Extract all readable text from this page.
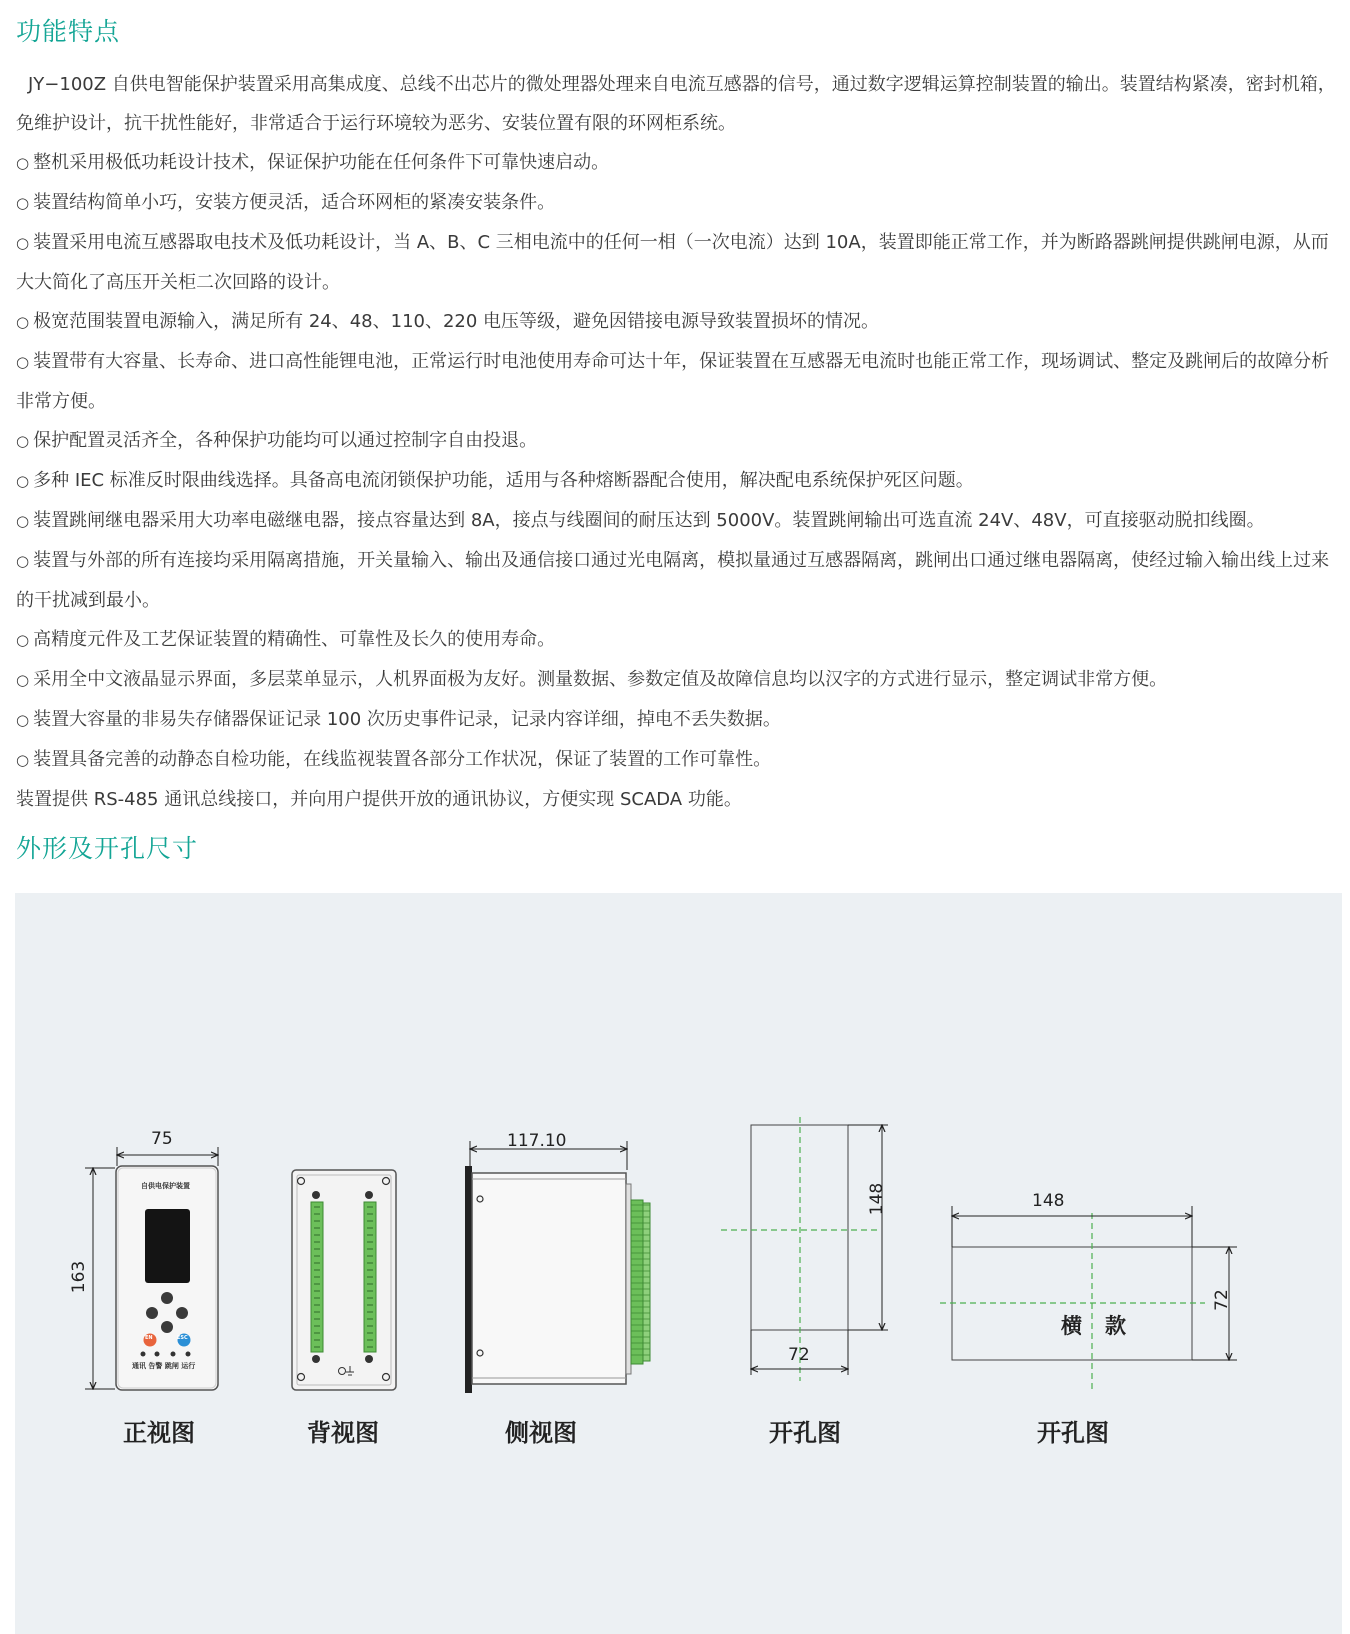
功能特点

JY−100Z 自供电智能保护装置采用高集成度、总线不出芯片的微处理器处理来自电流互感器的信号，通过数字逻辑运算控制装置的输出。装置结构紧凑，密封机箱，免维护设计，抗干扰性能好，非常适合于运行环境较为恶劣、安装位置有限的环网柜系统。

○ 整机采用极低功耗设计技术，保证保护功能在任何条件下可靠快速启动。

○ 装置结构简单小巧，安装方便灵活，适合环网柜的紧凑安装条件。

○ 装置采用电流互感器取电技术及低功耗设计，当 A、B、C 三相电流中的任何一相（一次电流）达到 10A，装置即能正常工作，并为断路器跳闸提供跳闸电源，从而大大简化了高压开关柜二次回路的设计。

○ 极宽范围装置电源输入，满足所有 24、48、110、220 电压等级，避免因错接电源导致装置损坏的情况。

○ 装置带有大容量、长寿命、进口高性能锂电池，正常运行时电池使用寿命可达十年，保证装置在互感器无电流时也能正常工作，现场调试、整定及跳闸后的故障分析非常方便。

○ 保护配置灵活齐全，各种保护功能均可以通过控制字自由投退。

○ 多种 IEC 标准反时限曲线选择。具备高电流闭锁保护功能，适用与各种熔断器配合使用，解决配电系统保护死区问题。

○ 装置跳闸继电器采用大功率电磁继电器，接点容量达到 8A，接点与线圈间的耐压达到 5000V。装置跳闸输出可选直流 24V、48V，可直接驱动脱扣线圈。

○ 装置与外部的所有连接均采用隔离措施，开关量输入、输出及通信接口通过光电隔离，模拟量通过互感器隔离，跳闸出口通过继电器隔离，使经过输入输出线上过来的干扰减到最小。

○ 高精度元件及工艺保证装置的精确性、可靠性及长久的使用寿命。

○ 采用全中文液晶显示界面，多层菜单显示，人机界面极为友好。测量数据、参数定值及故障信息均以汉字的方式进行显示，整定调试非常方便。

○ 装置大容量的非易失存储器保证记录 100 次历史事件记录，记录内容详细，掉电不丢失数据。

○ 装置具备完善的动静态自检功能，在线监视装置各部分工作状况，保证了装置的工作可靠性。

装置提供 RS-485 通讯总线接口，并向用户提供开放的通讯协议，方便实现 SCADA 功能。

外形及开孔尺寸
75
163
自供电保护装置
EN	ESC
通讯 告警 跳闸 运行
正视图	背视图
117.10
侧视图
148
72
开孔图
148
72
横 款
开孔图
